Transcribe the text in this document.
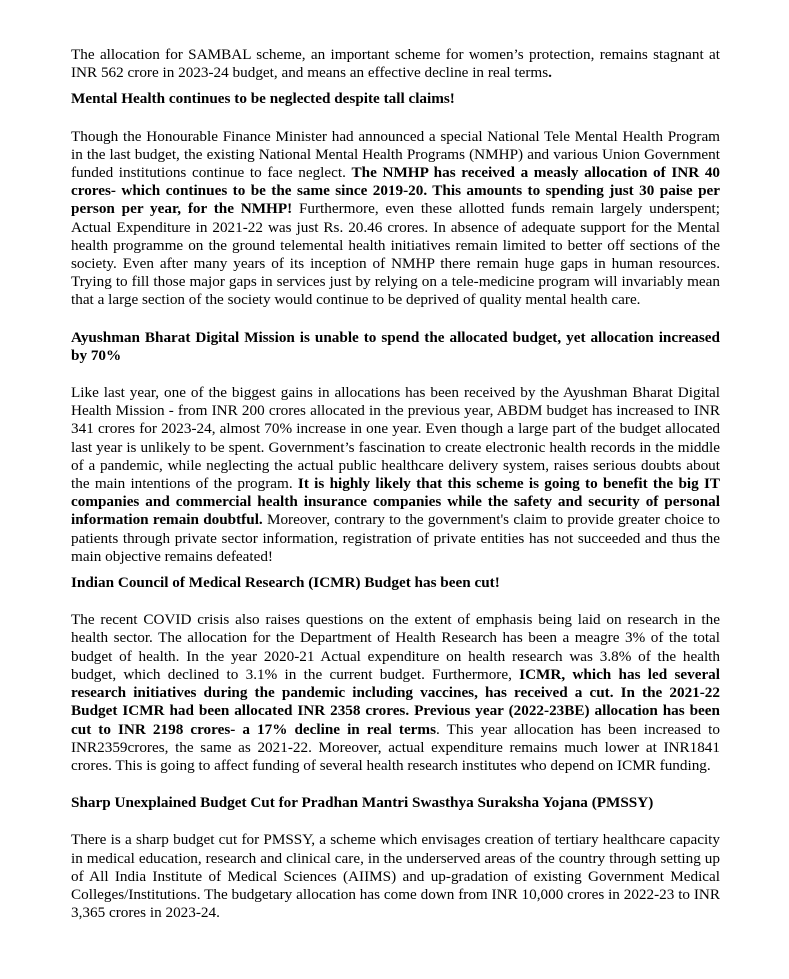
The allocation for SAMBAL scheme, an important scheme for women’s protection, remains stagnant at INR 562 crore in 2023-24 budget, and means an effective decline in real terms.

Mental Health continues to be neglected despite tall claims!

Though the Honourable Finance Minister had announced a special National Tele Mental Health Program in the last budget, the existing National Mental Health Programs (NMHP) and various Union Government funded institutions continue to face neglect. The NMHP has received a measly allocation of INR 40 crores- which continues to be the same since 2019-20. This amounts to spending just 30 paise per person per year, for the NMHP! Furthermore, even these allotted funds remain largely underspent; Actual Expenditure in 2021-22 was just Rs. 20.46 crores. In absence of adequate support for the Mental health programme on the ground telemental health initiatives remain limited to better off sections of the society. Even after many years of its inception of NMHP there remain huge gaps in human resources. Trying to fill those major gaps in services just by relying on a tele-medicine program will invariably mean that a large section of the society would continue to be deprived of quality mental health care.

Ayushman Bharat Digital Mission is unable to spend the allocated budget, yet allocation increased by 70%

Like last year, one of the biggest gains in allocations has been received by the Ayushman Bharat Digital Health Mission - from INR 200 crores allocated in the previous year, ABDM budget has increased to INR 341 crores for 2023-24, almost 70% increase in one year. Even though a large part of the budget allocated last year is unlikely to be spent. Government’s fascination to create electronic health records in the middle of a pandemic, while neglecting the actual public healthcare delivery system, raises serious doubts about the main intentions of the program. It is highly likely that this scheme is going to benefit the big IT companies and commercial health insurance companies while the safety and security of personal information remain doubtful. Moreover, contrary to the government's claim to provide greater choice to patients through private sector information, registration of private entities has not succeeded and thus the main objective remains defeated!

Indian Council of Medical Research (ICMR) Budget has been cut!

The recent COVID crisis also raises questions on the extent of emphasis being laid on research in the health sector. The allocation for the Department of Health Research has been a meagre 3% of the total budget of health. In the year 2020-21 Actual expenditure on health research was 3.8% of the health budget, which declined to 3.1% in the current budget. Furthermore, ICMR, which has led several research initiatives during the pandemic including vaccines, has received a cut. In the 2021-22 Budget ICMR had been allocated INR 2358 crores. Previous year (2022-23BE) allocation has been cut to INR 2198 crores- a 17% decline in real terms. This year allocation has been increased to INR2359crores, the same as 2021-22. Moreover, actual expenditure remains much lower at INR1841 crores. This is going to affect funding of several health research institutes who depend on ICMR funding.

Sharp Unexplained Budget Cut for Pradhan Mantri Swasthya Suraksha Yojana (PMSSY)

There is a sharp budget cut for PMSSY, a scheme which envisages creation of tertiary healthcare capacity in medical education, research and clinical care, in the underserved areas of the country through setting up of All India Institute of Medical Sciences (AIIMS) and up-gradation of existing Government Medical Colleges/Institutions. The budgetary allocation has come down from INR 10,000 crores in 2022-23 to INR 3,365 crores in 2023-24.
